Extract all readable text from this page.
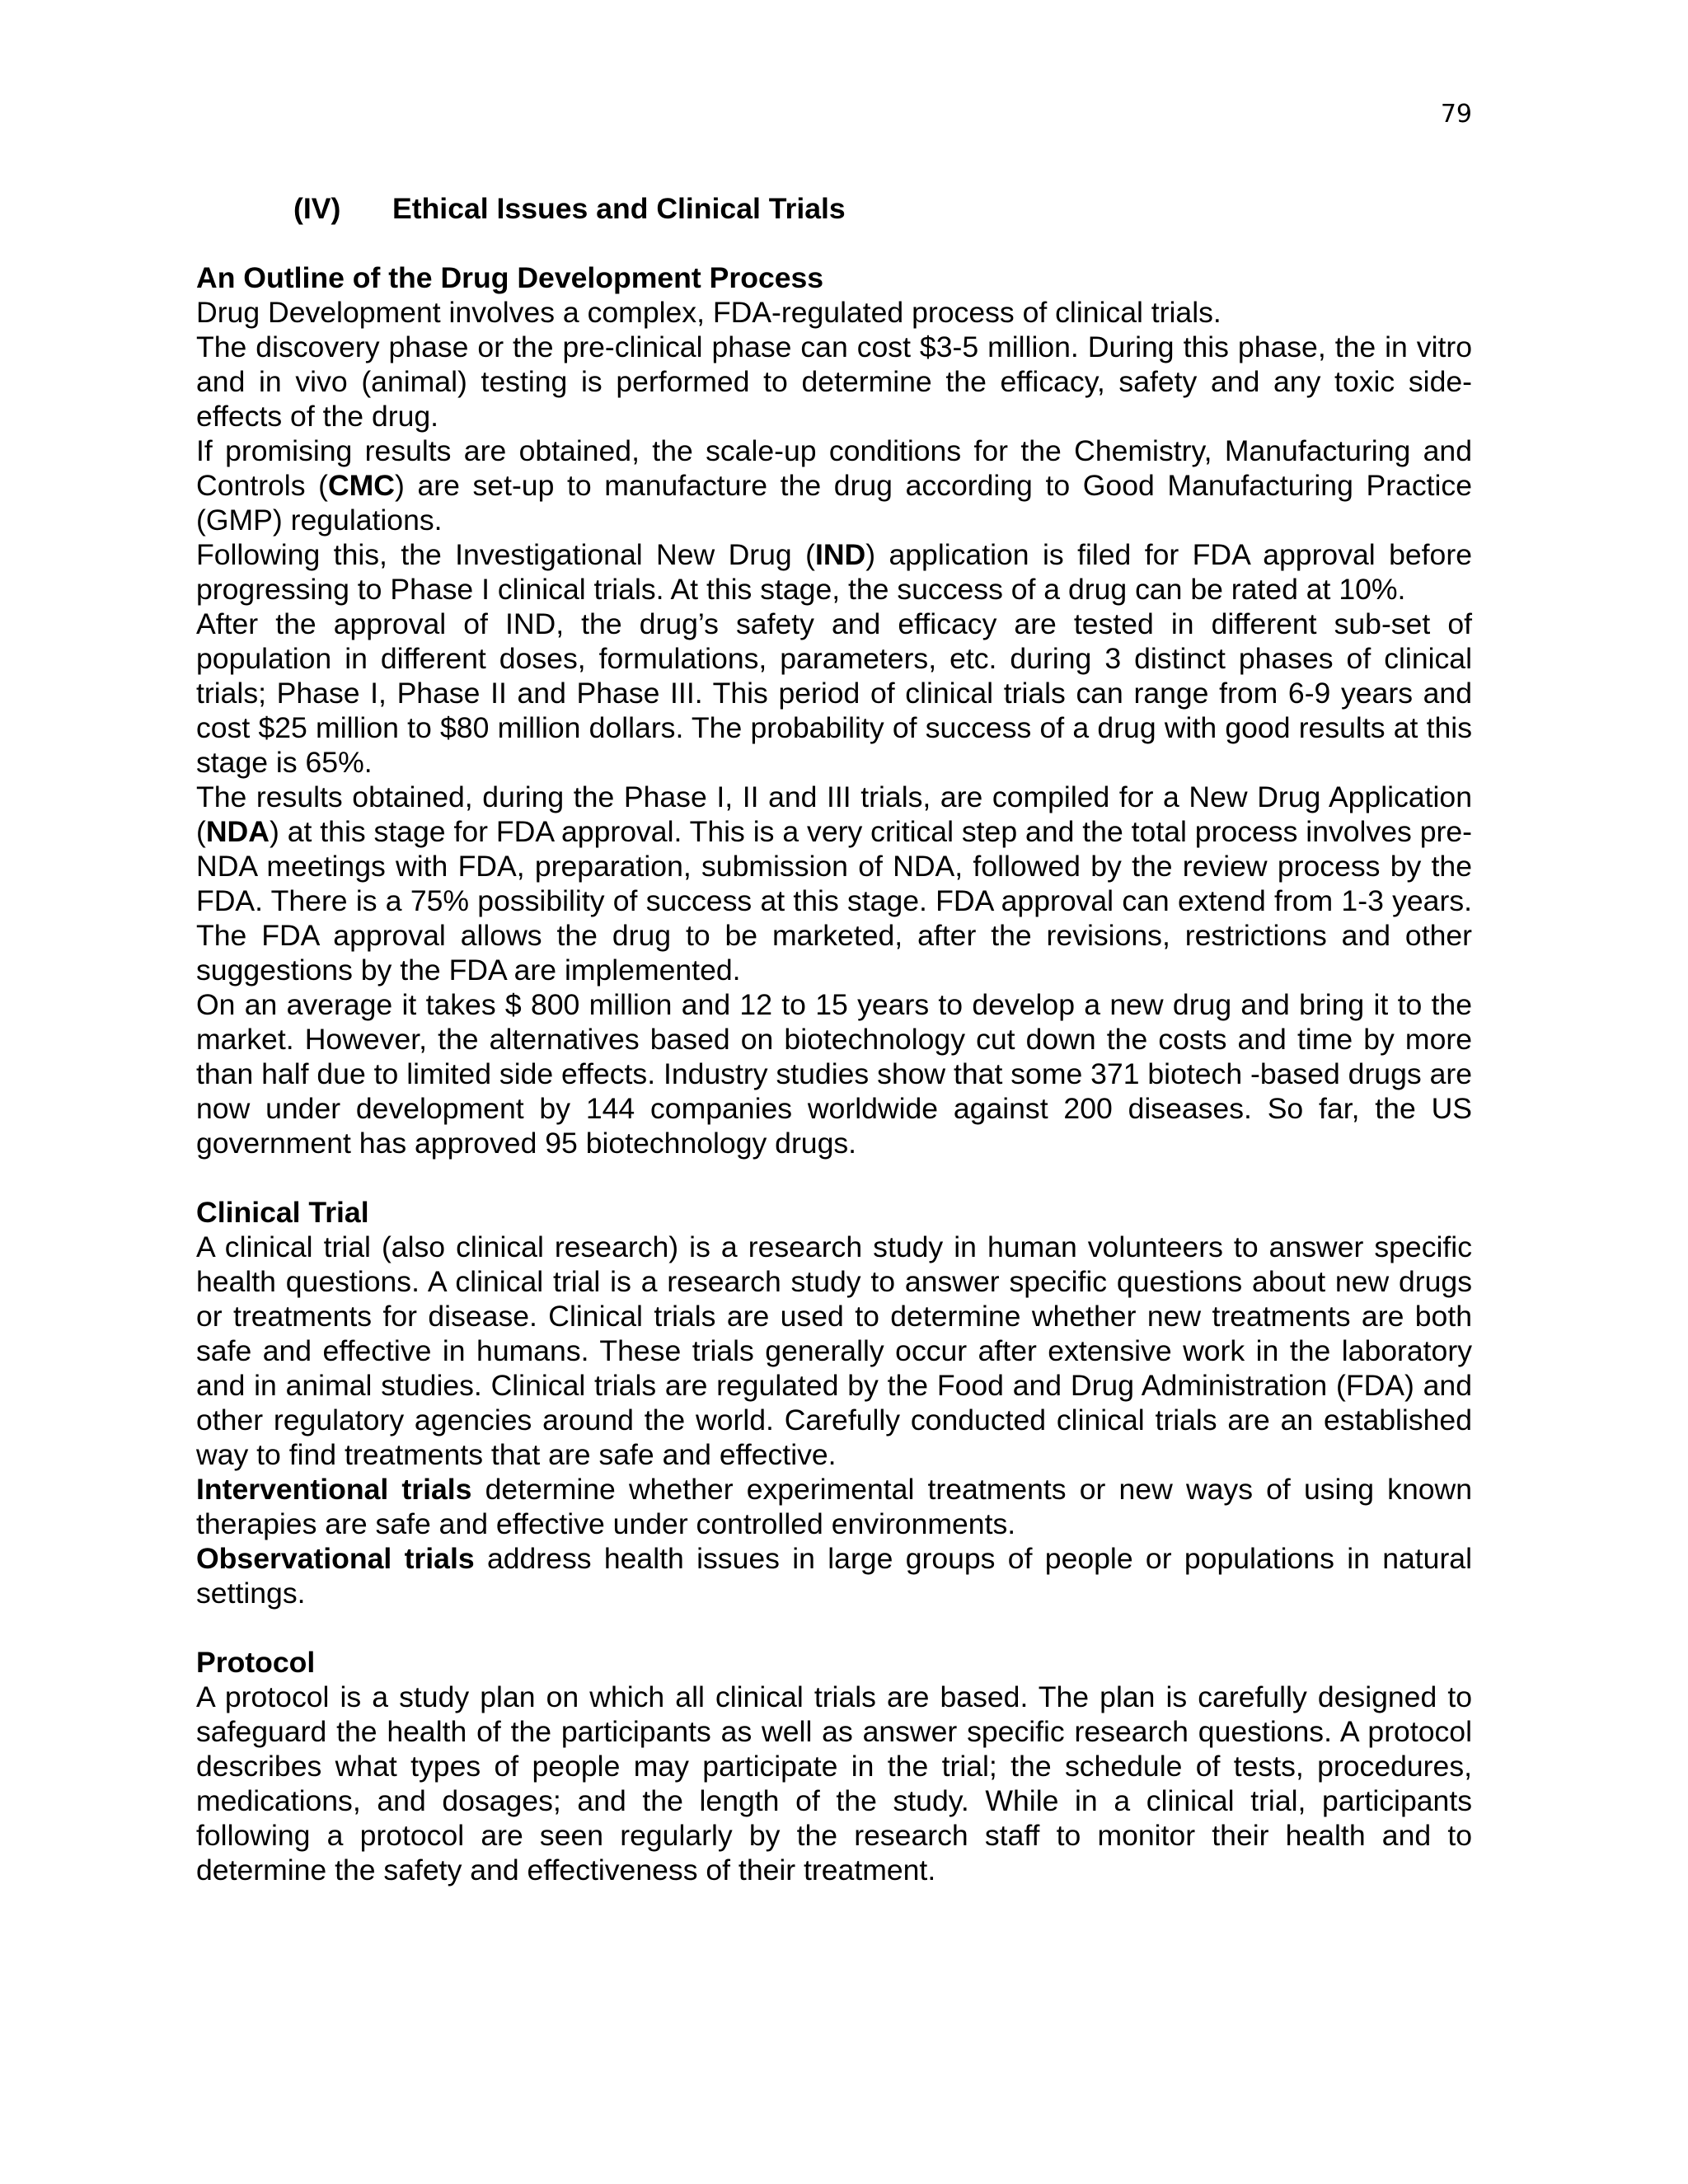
79
(IV) Ethical Issues and Clinical Trials
An Outline of the Drug Development Process

Drug Development involves a complex, FDA-regulated process of clinical trials.

The discovery phase or the pre-clinical phase can cost $3-5 million. During this phase, the in vitro and in vivo (animal) testing is performed to determine the efficacy, safety and any toxic side-effects of the drug.

If promising results are obtained, the scale-up conditions for the Chemistry, Manufacturing and Controls (CMC) are set-up to manufacture the drug according to Good Manufacturing Practice (GMP) regulations.

Following this, the Investigational New Drug (IND) application is filed for FDA approval before progressing to Phase I clinical trials. At this stage, the success of a drug can be rated at 10%.

After the approval of IND, the drug’s safety and efficacy are tested in different sub-set of population in different doses, formulations, parameters, etc. during 3 distinct phases of clinical trials; Phase I, Phase II and Phase III. This period of clinical trials can range from 6-9 years and cost $25 million to $80 million dollars. The probability of success of a drug with good results at this stage is 65%.

The results obtained, during the Phase I, II and III trials, are compiled for a New Drug Application (NDA) at this stage for FDA approval. This is a very critical step and the total process involves pre-NDA meetings with FDA, preparation, submission of NDA, followed by the review process by the FDA. There is a 75% possibility of success at this stage. FDA approval can extend from 1-3 years. The FDA approval allows the drug to be marketed, after the revisions, restrictions and other suggestions by the FDA are implemented.

On an average it takes $ 800 million and 12 to 15 years to develop a new drug and bring it to the market. However, the alternatives based on biotechnology cut down the costs and time by more than half due to limited side effects. Industry studies show that some 371 biotech -based drugs are now under development by 144 companies worldwide against 200 diseases. So far, the US government has approved 95 biotechnology drugs.

Clinical Trial

A clinical trial (also clinical research) is a research study in human volunteers to answer specific health questions. A clinical trial is a research study to answer specific questions about new drugs or treatments for disease. Clinical trials are used to determine whether new treatments are both safe and effective in humans. These trials generally occur after extensive work in the laboratory and in animal studies. Clinical trials are regulated by the Food and Drug Administration (FDA) and other regulatory agencies around the world. Carefully conducted clinical trials are an established way to find treatments that are safe and effective.

Interventional trials determine whether experimental treatments or new ways of using known therapies are safe and effective under controlled environments.

Observational trials address health issues in large groups of people or populations in natural settings.

Protocol

A protocol is a study plan on which all clinical trials are based. The plan is carefully designed to safeguard the health of the participants as well as answer specific research questions. A protocol describes what types of people may participate in the trial; the schedule of tests, procedures, medications, and dosages; and the length of the study. While in a clinical trial, participants following a protocol are seen regularly by the research staff to monitor their health and to determine the safety and effectiveness of their treatment.
